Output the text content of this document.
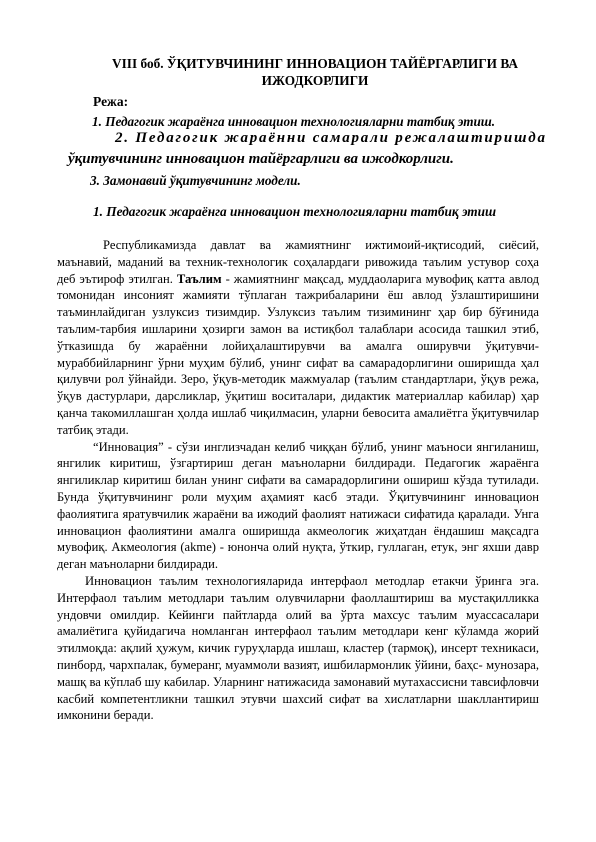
VIII боб. ЎҚИТУВЧИНИНГ ИННОВАЦИОН ТАЙЁРГАРЛИГИ ВА ИЖОДКОРЛИГИ
Режа:
1. Педагогик жараёнга инновацион технологияларни татбиқ этиш.
2. Педагогик жараённи самарали режалаштиришда
ўқитувчининг инновацион тайёргарлиги ва ижодкорлиги.
3. Замонавий ўқитувчининг модели.
1. Педагогик жараёнга инновацион технологияларни татбиқ этиш

Республикамизда давлат ва жамиятнинг ижтимоий-иқтисодий, сиёсий, маънавий, маданий ва техник-технологик соҳалардаги ривожида таълим устувор соҳа деб эътироф этилган. Таълим - жамиятнинг мақсад, муддаоларига мувофиқ катта авлод томонидан инсоният жамияти тўплаган тажрибаларини ёш авлод ўзлаштиришини таъминлайдиган узлуксиз тизимдир. Узлуксиз таълим тизимининг ҳар бир бўғинида таълим-тарбия ишларини ҳозирги замон ва истиқбол талаблари асосида ташкил этиб, ўтказишда бу жараённи лойиҳалаштирувчи ва амалга оширувчи ўқитувчи-мураббийларнинг ўрни муҳим бўлиб, унинг сифат ва самарадорлигини оширишда ҳал қилувчи рол ўйнайди. Зеро, ўқув-методик мажмуалар (таълим стандартлари, ўқув режа, ўқув дастурлари, дарсликлар, ўқитиш воситалари, дидактик материаллар кабилар) ҳар қанча такомиллашган ҳолда ишлаб чиқилмасин, уларни бевосита амалиётга ўқитувчилар татбиқ этади.

“Инновация” - сўзи инглизчадан келиб чиққан бўлиб, унинг маъноси янгиланиш, янгилик киритиш, ўзгартириш деган маъноларни билдиради. Педагогик жараёнга янгиликлар киритиш билан унинг сифати ва самарадорлигини ошириш кўзда тутилади. Бунда ўқитувчининг роли муҳим аҳамият касб этади. Ўқитувчининг инновацион фаолиятига яратувчилик жараёни ва ижодий фаолият натижаси сифатида қаралади. Унга инновацион фаолиятини амалга оширишда акмеологик жиҳатдан ёндашиш мақсадга мувофиқ. Акмеология (akme) - юнонча олий нуқта, ўткир, гуллаган, етук, энг яхши давр деган маъноларни билдиради.

Инновацион таълим технологияларида интерфаол методлар етакчи ўринга эга. Интерфаол таълим методлари таълим олувчиларни фаоллаштириш ва мустақилликка ундовчи омилдир. Кейинги пайтларда олий ва ўрта махсус таълим муассасалари амалиётига қуйидагича номланган интерфаол таълим методлари кенг кўламда жорий этилмоқда: ақлий ҳужум, кичик гуруҳларда ишлаш, кластер (тармоқ), инсерт техникаси, пинборд, чархпалак, бумеранг, муаммоли вазият, ишбилармонлик ўйини, баҳс- мунозара, машқ ва кўплаб шу кабилар. Уларнинг натижасида замонавий мутахассисни тавсифловчи касбий компетентликни ташкил этувчи шахсий сифат ва хислатларни шакллантириш имконини беради.
